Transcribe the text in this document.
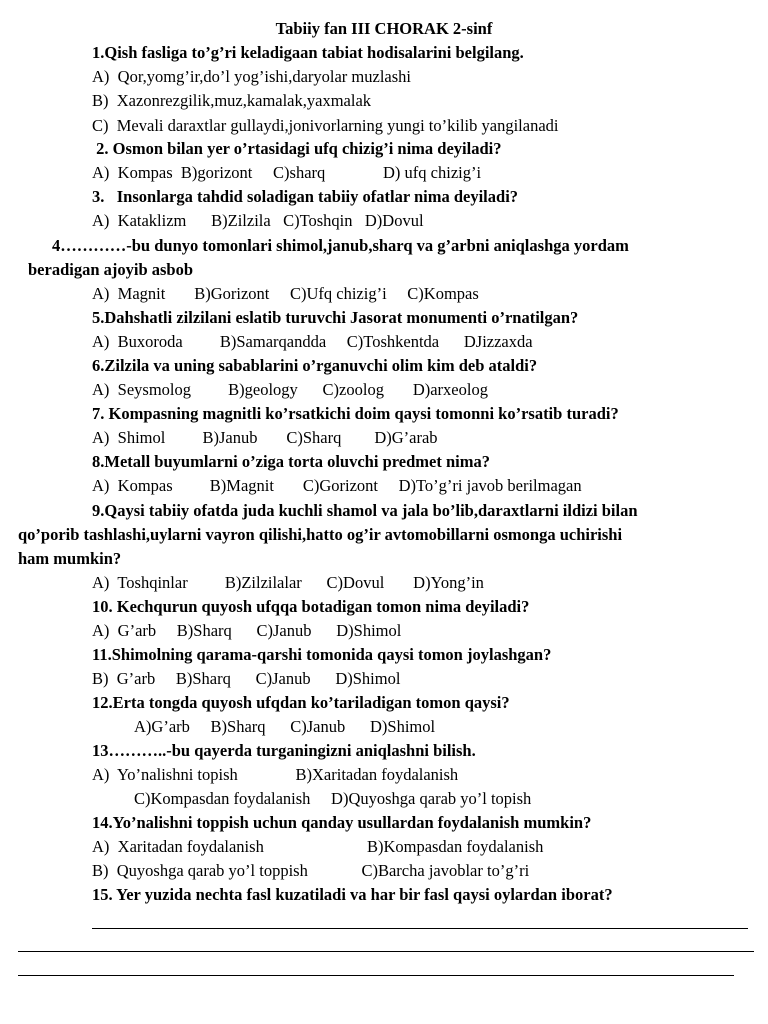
Tabiiy fan III CHORAK 2-sinf
1.Qish fasliga to’g’ri keladigaan tabiat hodisalarini belgilang.
A)  Qor,yomg’ir,do’l yog’ishi,daryolar muzlashi
B)  Xazonrezgilik,muz,kamalak,yaxmalak
C)  Mevali daraxtlar gullaydi,jonivorlarning yungi to’kilib yangilanadi
2. Osmon bilan yer o’rtasidagi ufq chizig’i nima deyiladi?
A)  Kompas  B)gorizont     C)sharq              D) ufq chizig’i
3.   Insonlarga tahdid soladigan tabiiy ofatlar nima deyiladi?
A)  Kataklizm      B)Zilzila   C)Toshqin   D)Dovul
4…………-bu dunyo tomonlari shimol,janub,sharq va g’arbni aniqlashga yordam
beradigan ajoyib asbob
A)  Magnit       B)Gorizont     C)Ufq chizig’i     C)Kompas
5.Dahshatli zilzilani eslatib turuvchi Jasorat monumenti o’rnatilgan?
A)  Buxoroda         B)Samarqandda     C)Toshkentda      DJizzaxda
6.Zilzila va uning sabablarini o’rganuvchi olim kim deb ataldi?
A)  Seysmolog         B)geology      C)zoolog       D)arxeolog
7. Kompasning magnitli ko’rsatkichi doim qaysi tomonni ko’rsatib turadi?
A)  Shimol         B)Janub       C)Sharq        D)G’arab
8.Metall buyumlarni o’ziga torta oluvchi predmet nima?
A)  Kompas         B)Magnit       C)Gorizont     D)To’g’ri javob berilmagan
9.Qaysi tabiiy ofatda juda kuchli shamol va jala bo’lib,daraxtlarni ildizi bilan
qo’porib tashlashi,uylarni vayron qilishi,hatto og’ir avtomobillarni osmonga uchirishi
ham mumkin?
A)  Toshqinlar         B)Zilzilalar      C)Dovul       D)Yong’in
10. Kechqurun quyosh ufqqa botadigan tomon nima deyiladi?
A)  G’arb     B)Sharq      C)Janub      D)Shimol
11.Shimolning qarama-qarshi tomonida qaysi tomon joylashgan?
B)  G’arb     B)Sharq      C)Janub      D)Shimol
12.Erta tongda quyosh ufqdan ko’tariladigan tomon qaysi?
A)G’arb     B)Sharq      C)Janub      D)Shimol
13………..-bu qayerda turganingizni aniqlashni bilish.
A)  Yo’nalishni topish              B)Xaritadan foydalanish
C)Kompasdan foydalanish     D)Quyoshga qarab yo’l topish
14.Yo’nalishni toppish uchun qanday usullardan foydalanish mumkin?
A)  Xaritadan foydalanish                         B)Kompasdan foydalanish
B)  Quyoshga qarab yo’l toppish             C)Barcha javoblar to’g’ri
15. Yer yuzida nechta fasl kuzatiladi va har bir fasl qaysi oylardan iborat?
